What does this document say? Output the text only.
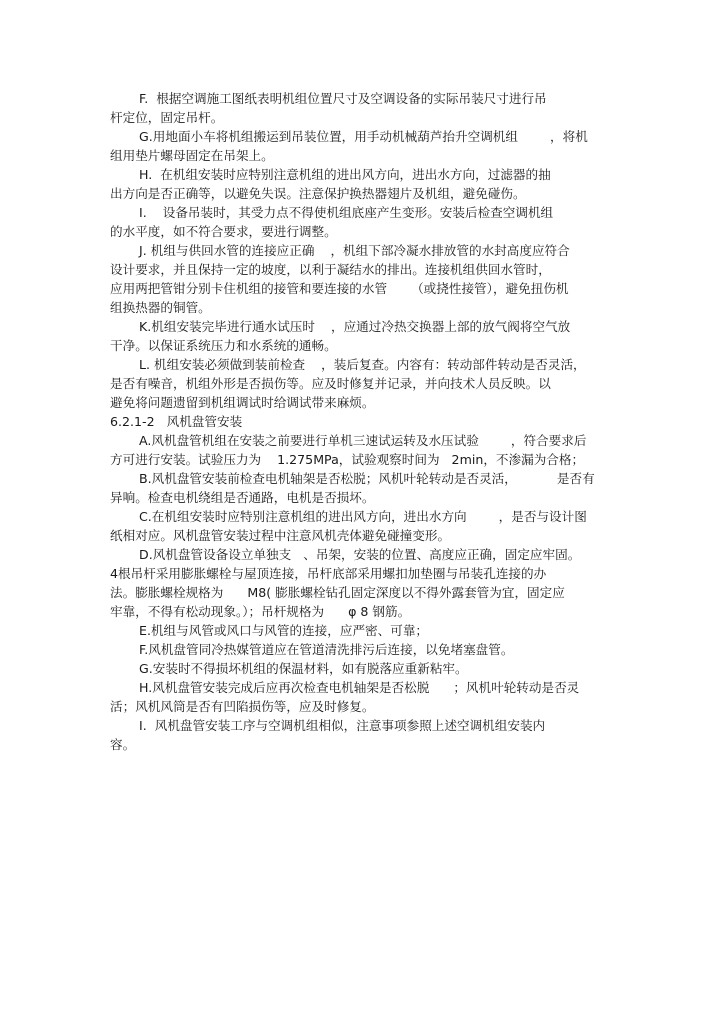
F.  根据空调施工图纸表明机组位置尺寸及空调设备的实际吊装尺寸进行吊

杆定位，固定吊杆。

G.用地面小车将机组搬运到吊装位置，用手动机械葫芦抬升空调机组        ，将机

组用垫片螺母固定在吊架上。

H.  在机组安装时应特别注意机组的进出风方向，进出水方向，过滤器的抽

出方向是否正确等，以避免失误。注意保护换热器翅片及机组，避免碰伤。

I.    设备吊装时，其受力点不得使机组底座产生变形。安装后检查空调机组

的水平度，如不符合要求，要进行调整。

J. 机组与供回水管的连接应正确    ，机组下部冷凝水排放管的水封高度应符合

设计要求，并且保持一定的坡度，以利于凝结水的排出。连接机组供回水管时，

应用两把管钳分别卡住机组的接管和要连接的水管      （或挠性接管），避免扭伤机

组换热器的铜管。

K.机组安装完毕进行通水试压时    ，应通过冷热交换器上部的放气阀将空气放

干净。以保证系统压力和水系统的通畅。

L. 机组安装必须做到装前检查    ，装后复查。内容有：转动部件转动是否灵活，

是否有噪音，机组外形是否损伤等。应及时修复并记录，并向技术人员反映。以

避免将问题遗留到机组调试时给调试带来麻烦。

6.2.1-2   风机盘管安装

A.风机盘管机组在安装之前要进行单机三速试运转及水压试验        ，符合要求后

方可进行安装。试验压力为    1.275MPa，试验观察时间为   2min，不渗漏为合格；

B.风机盘管安装前检查电机轴架是否松脱；风机叶轮转动是否灵活，          是否有

异响。检查电机绕组是否通路，电机是否损坏。

C.在机组安装时应特别注意机组的进出风方向，进出水方向        ，是否与设计图

纸相对应。风机盘管安装过程中注意风机壳体避免碰撞变形。

D.风机盘管设备设立单独支   、吊架，安装的位置、高度应正确，固定应牢固。

4根吊杆采用膨胀螺栓与屋顶连接，吊杆底部采用螺扣加垫圈与吊装孔连接的办

法。膨胀螺栓规格为      M8( 膨胀螺栓钻孔固定深度以不得外露套管为宜，固定应

牢靠，不得有松动现象。）；吊杆规格为      φ 8 钢筋。

E.机组与风管或风口与风管的连接，应严密、可靠；

F.风机盘管同冷热媒管道应在管道清洗排污后连接，以免堵塞盘管。

G.安装时不得损坏机组的保温材料，如有脱落应重新粘牢。

H.风机盘管安装完成后应再次检查电机轴架是否松脱      ；风机叶轮转动是否灵

活；风机风筒是否有凹陷损伤等，应及时修复。

I.  风机盘管安装工序与空调机组相似，注意事项参照上述空调机组安装内

容。
